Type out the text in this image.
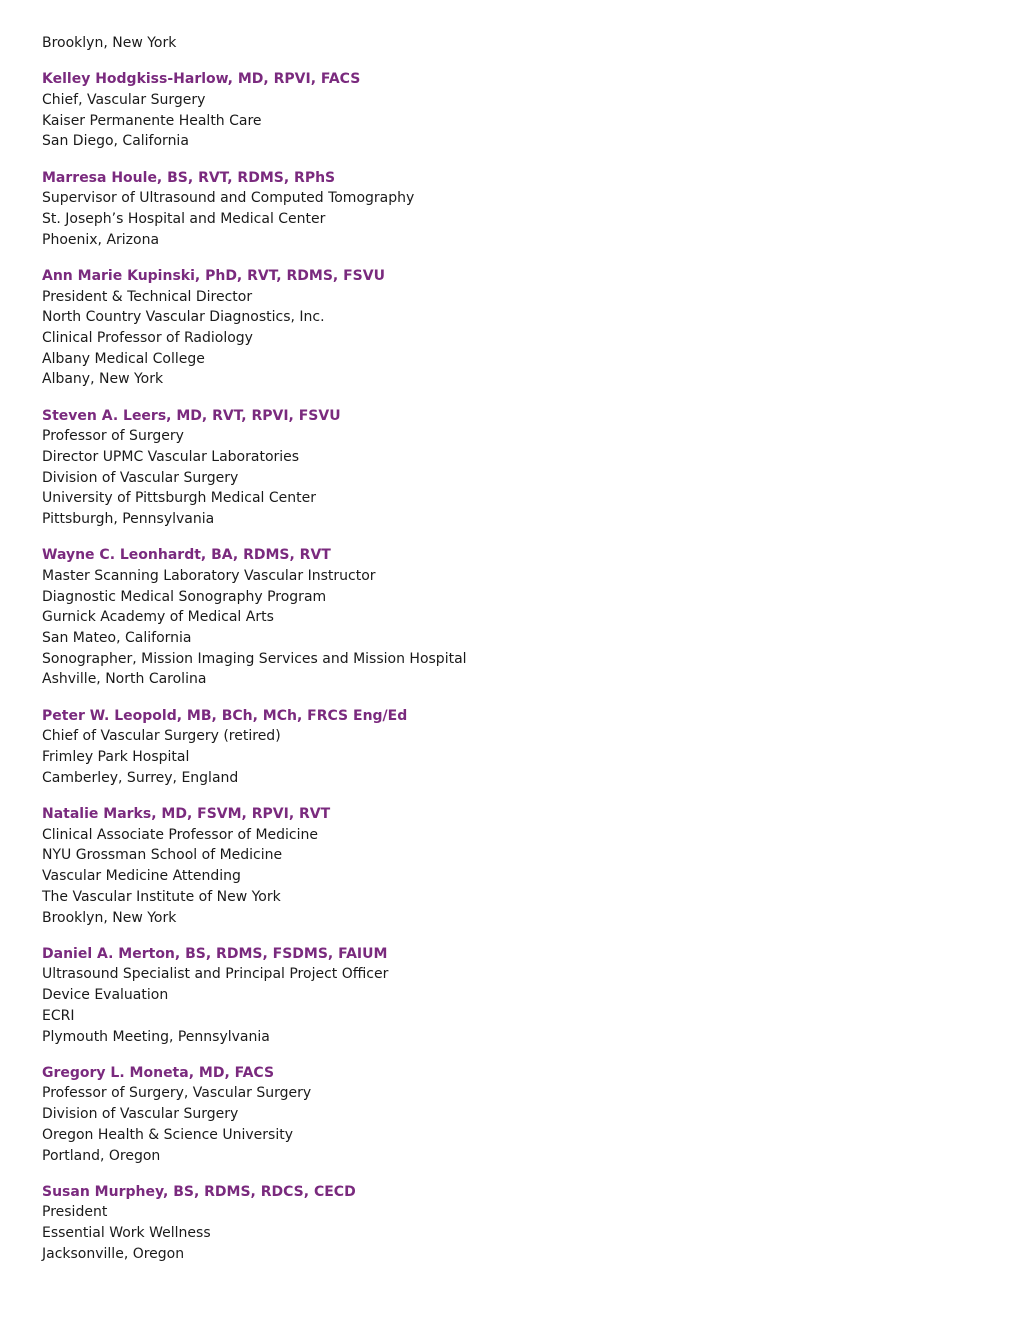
Brooklyn, New York
Kelley Hodgkiss-Harlow, MD, RPVI, FACS
Chief, Vascular Surgery
Kaiser Permanente Health Care
San Diego, California
Marresa Houle, BS, RVT, RDMS, RPhS
Supervisor of Ultrasound and Computed Tomography
St. Joseph’s Hospital and Medical Center
Phoenix, Arizona
Ann Marie Kupinski, PhD, RVT, RDMS, FSVU
President & Technical Director
North Country Vascular Diagnostics, Inc.
Clinical Professor of Radiology
Albany Medical College
Albany, New York
Steven A. Leers, MD, RVT, RPVI, FSVU
Professor of Surgery
Director UPMC Vascular Laboratories
Division of Vascular Surgery
University of Pittsburgh Medical Center
Pittsburgh, Pennsylvania
Wayne C. Leonhardt, BA, RDMS, RVT
Master Scanning Laboratory Vascular Instructor
Diagnostic Medical Sonography Program
Gurnick Academy of Medical Arts
San Mateo, California
Sonographer, Mission Imaging Services and Mission Hospital
Ashville, North Carolina
Peter W. Leopold, MB, BCh, MCh, FRCS Eng/Ed
Chief of Vascular Surgery (retired)
Frimley Park Hospital
Camberley, Surrey, England
Natalie Marks, MD, FSVM, RPVI, RVT
Clinical Associate Professor of Medicine
NYU Grossman School of Medicine
Vascular Medicine Attending
The Vascular Institute of New York
Brooklyn, New York
Daniel A. Merton, BS, RDMS, FSDMS, FAIUM
Ultrasound Specialist and Principal Project Officer
Device Evaluation
ECRI
Plymouth Meeting, Pennsylvania
Gregory L. Moneta, MD, FACS
Professor of Surgery, Vascular Surgery
Division of Vascular Surgery
Oregon Health & Science University
Portland, Oregon
Susan Murphey, BS, RDMS, RDCS, CECD
President
Essential Work Wellness
Jacksonville, Oregon
